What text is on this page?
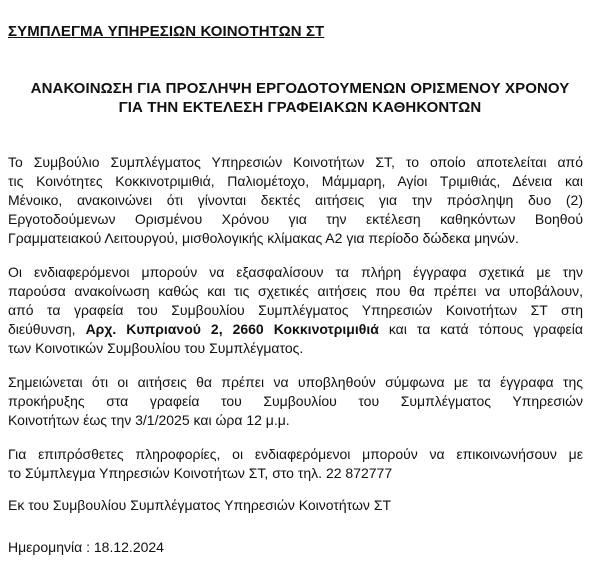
ΣΥΜΠΛΕΓΜΑ ΥΠΗΡΕΣΙΩΝ ΚΟΙΝΟΤΗΤΩΝ ΣΤ
ΑΝΑΚΟΙΝΩΣΗ ΓΙΑ ΠΡΟΣΛΗΨΗ ΕΡΓΟΔΟΤΟΥΜΕΝΩΝ ΟΡΙΣΜΕΝΟΥ ΧΡΟΝΟΥ
ΓΙΑ ΤΗΝ ΕΚΤΕΛΕΣΗ ΓΡΑΦΕΙΑΚΩΝ ΚΑΘΗΚΟΝΤΩΝ
Το Συμβούλιο Συμπλέγματος Υπηρεσιών Κοινοτήτων ΣΤ, το οποίο αποτελείται από
τις Κοινότητες Κοκκινοτριμιθιά, Παλιομέτοχο, Μάμμαρη, Αγίοι Τριμιθιάς, Δένεια και
Μένοικο, ανακοινώνει ότι γίνονται δεκτές αιτήσεις για την πρόσληψη δυο (2)
Εργοτοδούμενων Ορισμένου Χρόνου για την εκτέλεση καθηκόντων Βοηθού
Γραμματειακού Λειτουργού, μισθολογικής κλίμακας Α2 για περίοδο δώδεκα μηνών.
Οι ενδιαφερόμενοι μπορούν να εξασφαλίσουν τα πλήρη έγγραφα σχετικά με την
παρούσα ανακοίνωση καθώς και τις σχετικές αιτήσεις που θα πρέπει να υποβάλουν,
από τα γραφεία του Συμβουλίου Συμπλέγματος Υπηρεσιών Κοινοτήτων ΣΤ στη
διεύθυνση, Αρχ. Κυπριανού 2, 2660 Κοκκινοτριμιθιά και τα κατά τόπους γραφεία
των Κοινοτικών Συμβουλίου του Συμπλέγματος.
Σημειώνεται ότι οι αιτήσεις θα πρέπει να υποβληθούν σύμφωνα με τα έγγραφα της
προκήρυξης στα γραφεία του Συμβουλίου του Συμπλέγματος Υπηρεσιών
Κοινοτήτων έως την 3/1/2025 και ώρα 12 μ.μ.
Για επιπρόσθετες πληροφορίες, οι ενδιαφερόμενοι μπορούν να επικοινωνήσουν με
το Σύμπλεγμα Υπηρεσιών Κοινοτήτων ΣΤ, στο τηλ. 22 872777
Εκ του Συμβουλίου Συμπλέγματος Υπηρεσιών Κοινοτήτων ΣΤ
Ημερομηνία : 18.12.2024
